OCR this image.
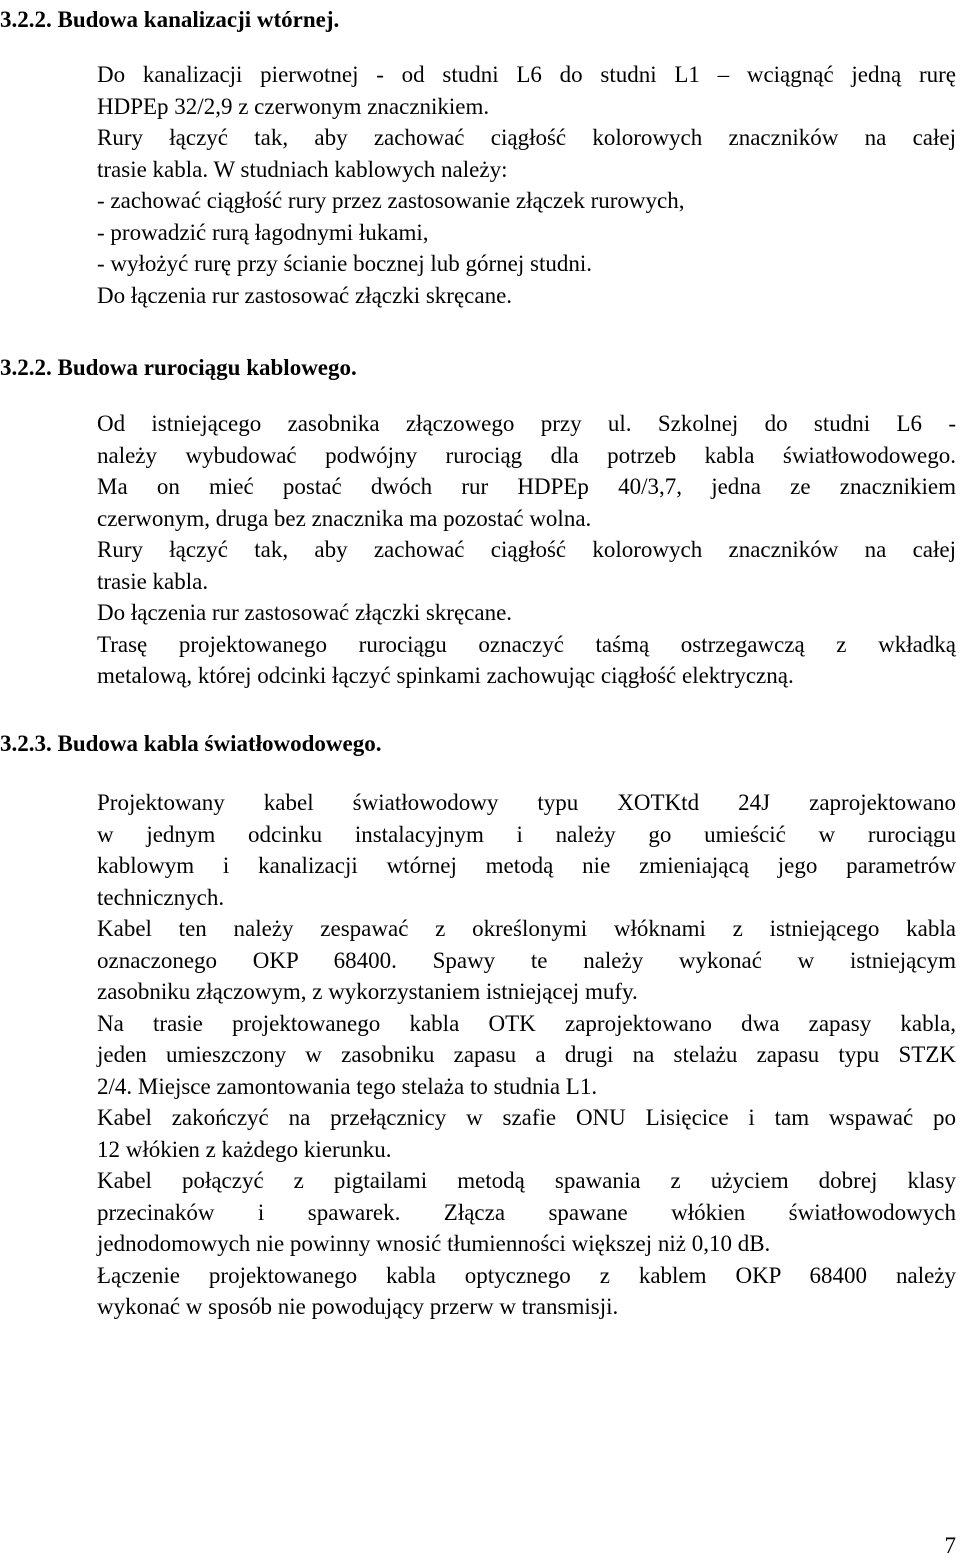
3.2.2. Budowa kanalizacji wtórnej.
Do kanalizacji pierwotnej - od studni L6 do studni L1 – wciągnąć jedną rurę
HDPEp 32/2,9 z czerwonym znacznikiem.
Rury łączyć tak, aby zachować ciągłość kolorowych znaczników na całej
trasie kabla. W studniach kablowych należy:
- zachować ciągłość rury przez zastosowanie złączek rurowych,
- prowadzić rurą łagodnymi łukami,
- wyłożyć rurę przy ścianie bocznej lub górnej studni.
Do łączenia rur zastosować złączki skręcane.
3.2.2. Budowa rurociągu kablowego.
Od istniejącego zasobnika złączowego przy ul. Szkolnej do studni L6 -
należy wybudować podwójny rurociąg dla potrzeb kabla światłowodowego.
Ma on mieć postać dwóch rur HDPEp 40/3,7, jedna ze znacznikiem
czerwonym, druga bez znacznika ma pozostać wolna.
Rury łączyć tak, aby zachować ciągłość kolorowych znaczników na całej
trasie kabla.
Do łączenia rur zastosować złączki skręcane.
Trasę projektowanego rurociągu oznaczyć taśmą ostrzegawczą z wkładką
metalową, której odcinki łączyć spinkami zachowując ciągłość elektryczną.
3.2.3. Budowa kabla światłowodowego.
Projektowany kabel światłowodowy typu XOTKtd 24J zaprojektowano
w jednym odcinku instalacyjnym i należy go umieścić w rurociągu
kablowym i kanalizacji wtórnej metodą nie zmieniającą jego parametrów
technicznych.
Kabel ten należy zespawać z określonymi włóknami z istniejącego kabla
oznaczonego OKP 68400. Spawy te należy wykonać w istniejącym
zasobniku złączowym, z wykorzystaniem istniejącej mufy.
Na trasie projektowanego kabla OTK zaprojektowano dwa zapasy kabla,
jeden umieszczony w zasobniku zapasu a drugi na stelażu zapasu typu STZK
2/4. Miejsce zamontowania tego stelaża to studnia L1.
Kabel zakończyć na przełącznicy w szafie ONU Lisięcice i tam wspawać po
12 włókien z każdego kierunku.
Kabel połączyć z pigtailami metodą spawania z użyciem dobrej klasy
przecinaków i spawarek. Złącza spawane włókien światłowodowych
jednodomowych nie powinny wnosić tłumienności większej niż 0,10 dB.
Łączenie projektowanego kabla optycznego z kablem OKP 68400 należy
wykonać w sposób nie powodujący przerw w transmisji.
7
